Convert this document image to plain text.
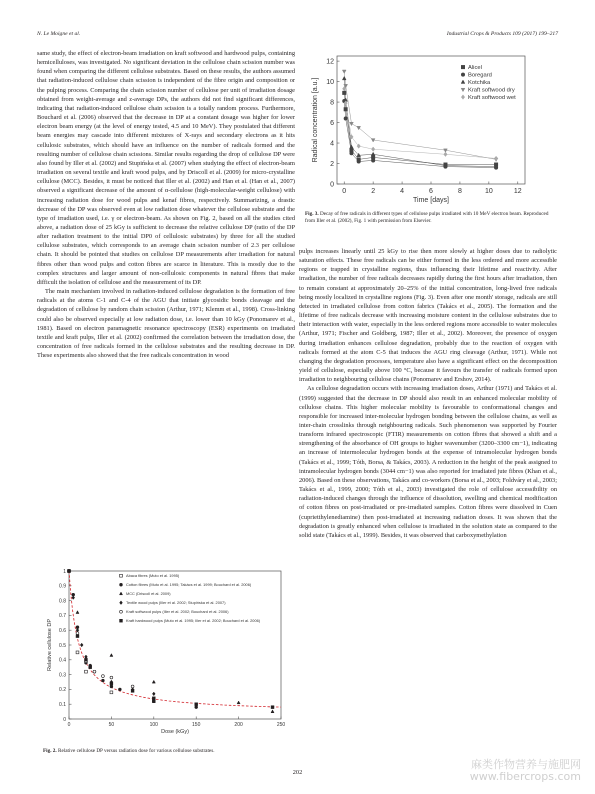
N. Le Moigne et al.	Industrial Crops & Products 109 (2017) 199–217

same study, the effect of electron-beam irradiation on kraft softwood and hardwood pulps, containing hemicelluloses, was investigated. No significant deviation in the cellulose chain scission number was found when comparing the different cellulose substrates. Based on these results, the authors assumed that radiation-induced cellulose chain scission is independent of the fibre origin and composition or the pulping process. Comparing the chain scission number of cellulose per unit of irradiation dosage obtained from weight-average and z-average DPs, the authors did not find significant differences, indicating that radiation-induced cellulose chain scission is a totally random process. Furthermore, Bouchard et al. (2006) observed that the decrease in DP at a constant dosage was higher for lower electron beam energy (at the level of energy tested, 4.5 and 10 MeV). They postulated that different beam energies may cascade into different mixtures of X-rays and secondary electrons as it hits cellulosic substrates, which should have an influence on the number of radicals formed and the resulting number of cellulose chain scissions. Similar results regarding the drop of cellulose DP were also found by Iller et al. (2002) and Stupińska et al. (2007) when studying the effect of electron-beam irradiation on several textile and kraft wood pulps, and by Driscoll et al. (2009) for micro-crystalline cellulose (MCC). Besides, it must be noticed that Iller et al. (2002) and Han et al. (Han et al., 2007) observed a significant decrease of the amount of α-cellulose (high-molecular-weight cellulose) with increasing radiation dose for wood pulps and kenaf fibres, respectively. Summarizing, a drastic decrease of the DP was observed even at low radiation dose whatever the cellulose substrate and the type of irradiation used, i.e. γ or electron-beam. As shown on Fig. 2, based on all the studies cited above, a radiation dose of 25 kGy is sufficient to decrease the relative cellulose DP (ratio of the DP after radiation treatment to the initial DP0 of cellulosic substrates) by three for all the studied cellulose substrates, which corresponds to an average chain scission number of 2.3 per cellulose chain. It should be pointed that studies on cellulose DP measurements after irradiation for natural fibres other than wood pulps and cotton fibres are scarce in literature. This is mostly due to the complex structures and larger amount of non-cellulosic components in natural fibres that make difficult the isolation of cellulose and the measurement of its DP.

The main mechanism involved in radiation-induced cellulose degradation is the formation of free radicals at the atoms C-1 and C-4 of the AGU that initiate glycosidic bonds cleavage and the degradation of cellulose by random chain scission (Arthur, 1971; Klemm et al., 1998). Cross-linking could also be observed especially at low radiation dose, i.e. lower than 10 kGy (Ponomarev et al., 1981). Based on electron paramagnetic resonance spectroscopy (ESR) experiments on irradiated textile and kraft pulps, Iller et al. (2002) confirmed the correlation between the irradiation dose, the concentration of free radicals formed in the cellulose substrates and the resulting decrease in DP. These experiments also showed that the free radicals concentration in wood

pulps increases linearly until 25 kGy to rise then more slowly at higher doses due to radiolytic saturation effects. These free radicals can be either formed in the less ordered and more accessible regions or trapped in crystalline regions, thus influencing their lifetime and reactivity. After irradiation, the number of free radicals decreases rapidly during the first hours after irradiation, then to remain constant at approximately 20–25% of the initial concentration, long-lived free radicals being mostly localized in crystalline regions (Fig. 3). Even after one month' storage, radicals are still detected in irradiated cellulose from cotton fabrics (Takács et al., 2005). The formation and the lifetime of free radicals decrease with increasing moisture content in the cellulose substrates due to their interaction with water, especially in the less ordered regions more accessible to water molecules (Arthur, 1971; Fischer and Goldberg, 1987; Iller et al., 2002). Moreover, the presence of oxygen during irradiation enhances cellulose degradation, probably due to the reaction of oxygen with radicals formed at the atom C-5 that induces the AGU ring cleavage (Arthur, 1971). While not changing the degradation processes, temperature also have a significant effect on the decomposition yield of cellulose, especially above 100 °C, because it favours the transfer of radicals formed upon irradiation to neighbouring cellulose chains (Ponomarev and Ershov, 2014).

As cellulose degradation occurs with increasing irradiation doses, Arthur (1971) and Takács et al. (1999) suggested that the decrease in DP should also result in an enhanced molecular mobility of cellulose chains. This higher molecular mobility is favourable to conformational changes and responsible for increased inter-molecular hydrogen bonding between the cellulose chains, as well as inter-chain crosslinks through neighbouring radicals. Such phenomenon was supported by Fourier transform infrared spectroscopic (FTIR) measurements on cotton fibres that showed a shift and a strengthening of the absorbance of OH groups to higher wavenumber (3200–3300 cm−1), indicating an increase of intermolecular hydrogen bonds at the expense of intramolecular hydrogen bonds (Takács et al., 1999; Tóth, Borsa, & Takács, 2003). A reduction in the height of the peak assigned to intramolecular hydrogen bonds (3044 cm−1) was also reported for irradiated jute fibres (Khan et al., 2006). Based on these observations, Takács and co-workers (Borsa et al., 2003; Foldváry et al., 2003; Takács et al., 1999, 2000; Tóth et al., 2003) investigated the role of cellulose accessibility on radiation-induced changes through the influence of dissolution, swelling and chemical modification of cotton fibres on post-irradiated or pre-irradiated samples. Cotton fibres were dissolved in Cuen (cuprietthylenediamine) then post-irradiated at increasing radiation doses. It was shown that the degradation is greatly enhanced when cellulose is irradiated in the solution state as compared to the solid state (Takács et al., 1999). Besides, it was observed that carboxymethylation

0	2	4	6	8	10	12
0
2
4
6
8
10
12
Time [days]
Radical concentration [a.u.]
Alicel
Boregard
Kotchika
Kraft softwood dry
Kraft softwood wet
Fig. 3. Decay of free radicals in different types of cellulose pulps irradiated with 10 MeV electron beam. Reproduced from Iller et al. (2002), Fig. 1 with permission from Elsevier.
0	50	100	150	200	250
0
0.1
0.2
0.3
0.4
0.5
0.6
0.7
0.8
0.9
1
Dose (kGy)
Relative cellulose DP
Abaca fibres (Muto et al. 1995)
Cotton fibres (Muto et al. 1995; Takács et al. 1999; Bouchard et al. 2006)
MCC (Driscoll et al. 2009)
Textile wood pulps (Iller et al. 2002; Stupińska et al. 2007)
Kraft softwood pulps (Iller et al. 2002; Bouchard et al. 2006)
Kraft hardwood pulps (Muto et al. 1995; Iller et al. 2002; Bouchard et al. 2006)
Fig. 2. Relative cellulose DP versus radiation dose for various cellulose substrates.
202
麻类作物营养与施肥网
www.fibercrops.com
